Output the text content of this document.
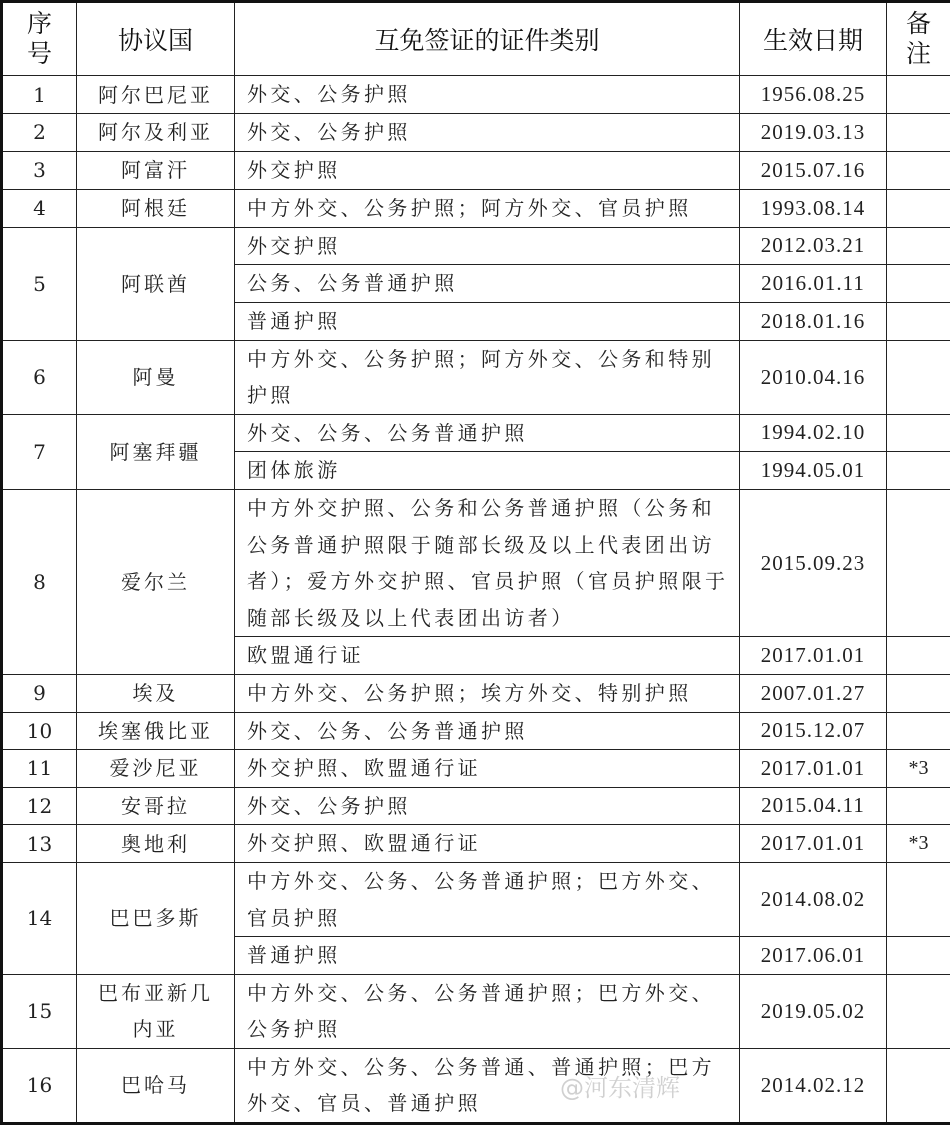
序号	协议国	互免签证的证件类别	生效日期	备注
1	阿尔巴尼亚	外交、公务护照	1956.08.25	
2	阿尔及利亚	外交、公务护照	2019.03.13	
3	阿富汗	外交护照	2015.07.16	
4	阿根廷	中方外交、公务护照；阿方外交、官员护照	1993.08.14	
5	阿联酋	外交护照	2012.03.21	
		公务、公务普通护照	2016.01.11	
		普通护照	2018.01.16	
6	阿曼	中方外交、公务护照；阿方外交、公务和特别护照	2010.04.16	
7	阿塞拜疆	外交、公务、公务普通护照	1994.02.10	
		团体旅游	1994.05.01	
8	爱尔兰	中方外交护照、公务和公务普通护照（公务和公务普通护照限于随部长级及以上代表团出访者）；爱方外交护照、官员护照（官员护照限于随部长级及以上代表团出访者）	2015.09.23	
		欧盟通行证	2017.01.01	
9	埃及	中方外交、公务护照；埃方外交、特别护照	2007.01.27	
10	埃塞俄比亚	外交、公务、公务普通护照	2015.12.07	
11	爱沙尼亚	外交护照、欧盟通行证	2017.01.01	*3
12	安哥拉	外交、公务护照	2015.04.11	
13	奥地利	外交护照、欧盟通行证	2017.01.01	*3
14	巴巴多斯	中方外交、公务、公务普通护照；巴方外交、官员护照	2014.08.02	
		普通护照	2017.06.01	
15	巴布亚新几内亚	中方外交、公务、公务普通护照；巴方外交、公务护照	2019.05.02	
16	巴哈马	中方外交、公务、公务普通、普通护照；巴方外交、官员、普通护照	2014.02.12	
@河东清辉
